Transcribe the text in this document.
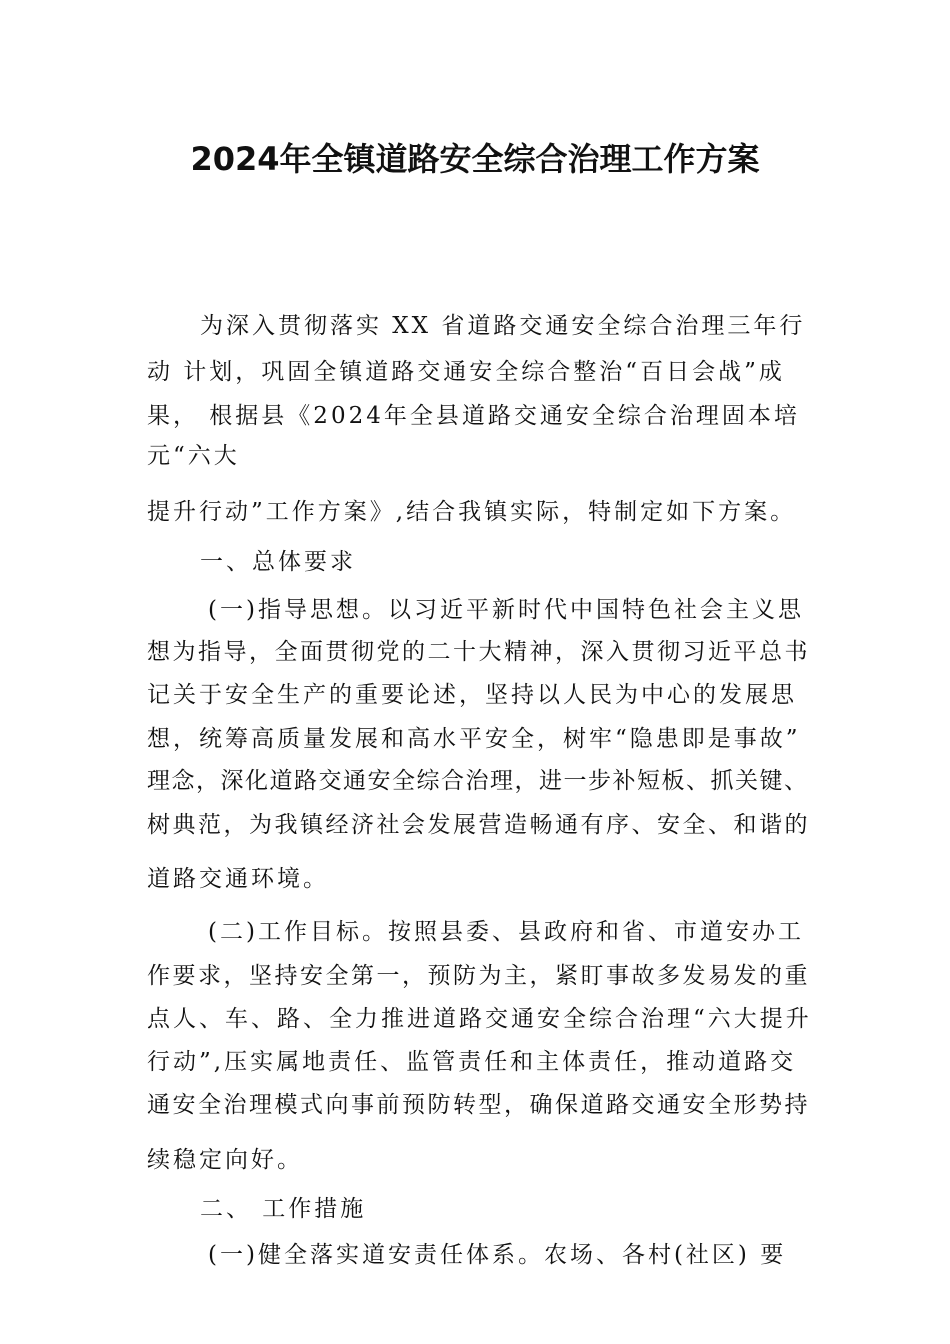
2024年全镇道路安全综合治理工作方案
为深入贯彻落实 XX 省道路交通安全综合治理三年行
动 计划，巩固全镇道路交通安全综合整治“百日会战”成
果， 根据县《2024年全县道路交通安全综合治理固本培
元“六大
提升行动”工作方案》,结合我镇实际，特制定如下方案。
一、总体要求
(一)指导思想。以习近平新时代中国特色社会主义思
想为指导，全面贯彻党的二十大精神，深入贯彻习近平总书
记关于安全生产的重要论述，坚持以人民为中心的发展思
想，统筹高质量发展和高水平安全，树牢“隐患即是事故”
理念，深化道路交通安全综合治理，进一步补短板、抓关键、
树典范，为我镇经济社会发展营造畅通有序、安全、和谐的
道路交通环境。
(二)工作目标。按照县委、县政府和省、市道安办工
作要求，坚持安全第一，预防为主，紧盯事故多发易发的重
点人、车、路、全力推进道路交通安全综合治理“六大提升
行动”,压实属地责任、监管责任和主体责任，推动道路交
通安全治理模式向事前预防转型，确保道路交通安全形势持
续稳定向好。
二、 工作措施
(一)健全落实道安责任体系。农场、各村(社区) 要
